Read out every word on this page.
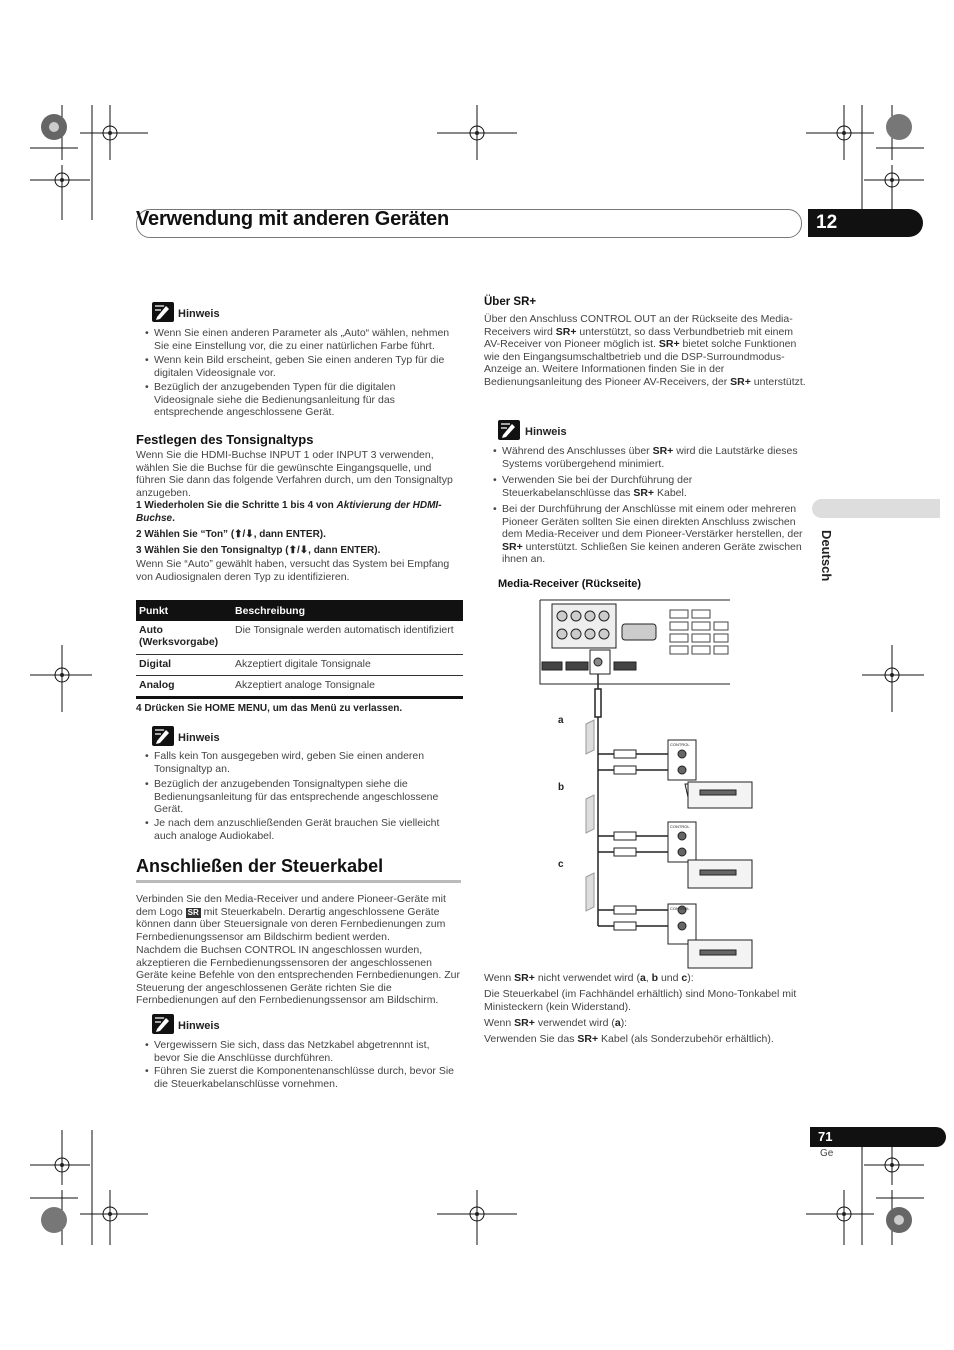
Verwendung mit anderen Geräten	12
Deutsch
Hinweis
• Wenn Sie einen anderen Parameter als „Auto“ wählen, nehmen Sie eine Einstellung vor, die zu einer natürlichen Farbe führt.
• Wenn kein Bild erscheint, geben Sie einen anderen Typ für die digitalen Videosignale vor.
• Bezüglich der anzugebenden Typen für die digitalen Videosignale siehe die Bedienungsanleitung für das entsprechende angeschlossene Gerät.
Festlegen des Tonsignaltyps
Wenn Sie die HDMI-Buchse INPUT 1 oder INPUT 3 verwenden, wählen Sie die Buchse für die gewünschte Eingangsquelle, und führen Sie dann das folgende Verfahren durch, um den Tonsignaltyp anzugeben.
1 Wiederholen Sie die Schritte 1 bis 4 von Aktivierung der HDMI-Buchse.
2 Wählen Sie “Ton” (⬆/⬇, dann ENTER).
3 Wählen Sie den Tonsignaltyp (⬆/⬇, dann ENTER).
Wenn Sie “Auto” gewählt haben, versucht das System bei Empfang von Audiosignalen deren Typ zu identifizieren.
Punkt	Beschreibung
Auto (Werksvorgabe)	Die Tonsignale werden automatisch identifiziert
Digital	Akzeptiert digitale Tonsignale
Analog	Akzeptiert analoge Tonsignale
4 Drücken Sie HOME MENU, um das Menü zu verlassen.
Hinweis
• Falls kein Ton ausgegeben wird, geben Sie einen anderen Tonsignaltyp an.
• Bezüglich der anzugebenden Tonsignaltypen siehe die Bedienungsanleitung für das entsprechende angeschlossene Gerät.
• Je nach dem anzuschließenden Gerät brauchen Sie vielleicht auch analoge Audiokabel.
Anschließen der Steuerkabel
Verbinden Sie den Media-Receiver und andere Pioneer-Geräte mit dem Logo SR mit Steuerkabeln. Derartig angeschlossene Geräte können dann über Steuersignale von deren Fernbedienungen zum Fernbedienungssensor am Bildschirm bedient werden.
Nachdem die Buchsen CONTROL IN angeschlossen wurden, akzeptieren die Fernbedienungssensoren der angeschlossenen Geräte keine Befehle von den entsprechenden Fernbedienungen. Zur Steuerung der angeschlossenen Geräte richten Sie die Fernbedienungen auf den Fernbedienungssensor am Bildschirm.
Hinweis
• Vergewissern Sie sich, dass das Netzkabel abgetrennnt ist, bevor Sie die Anschlüsse durchführen.
• Führen Sie zuerst die Komponentenanschlüsse durch, bevor Sie die Steuerkabelanschlüsse vornehmen.
Über SR+
Über den Anschluss CONTROL OUT an der Rückseite des Media-Receivers wird SR+ unterstützt, so dass Verbundbetrieb mit einem AV-Receiver von Pioneer möglich ist. SR+ bietet solche Funktionen wie den Eingangsumschaltbetrieb und die DSP-Surroundmodus-Anzeige an. Weitere Informationen finden Sie in der Bedienungsanleitung des Pioneer AV-Receivers, der SR+ unterstützt.
Hinweis
• Während des Anschlusses über SR+ wird die Lautstärke dieses Systems vorübergehend minimiert.
• Verwenden Sie bei der Durchführung der Steuerkabelanschlüsse das SR+ Kabel.
• Bei der Durchführung der Anschlüsse mit einem oder mehreren Pioneer Geräten sollten Sie einen direkten Anschluss zwischen dem Media-Receiver und dem Pioneer-Verstärker herstellen, der SR+ unterstützt. Schließen Sie keinen anderen Geräte zwischen ihnen an.
Media-Receiver (Rückseite)
CONTROL
CONTROL
CONTROL
a
b
c
Wenn SR+ nicht verwendet wird (a, b und c):
Die Steuerkabel (im Fachhändel erhältlich) sind Mono-Tonkabel mit Ministeckern (kein Widerstand).
Wenn SR+ verwendet wird (a):
Verwenden Sie das SR+ Kabel (als Sonderzubehör erhältlich).
71
Ge
